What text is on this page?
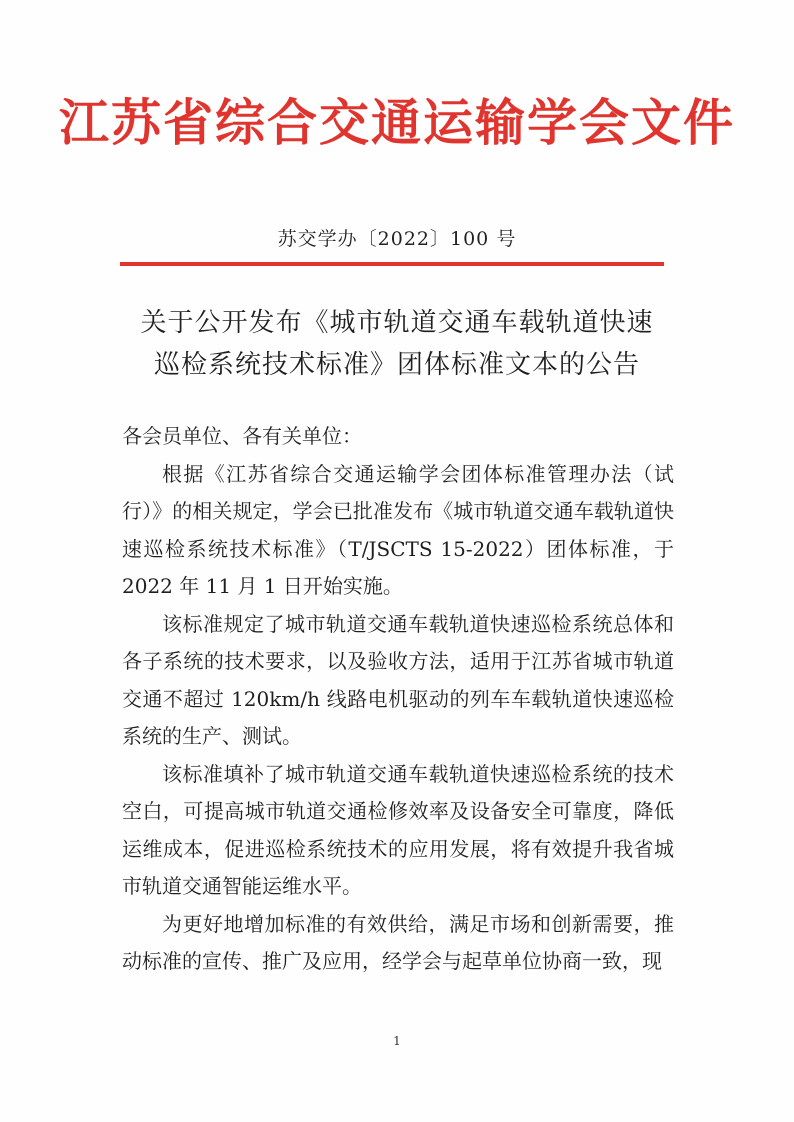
江苏省综合交通运输学会文件
苏交学办〔2022〕100 号
关于公开发布《城市轨道交通车载轨道快速
巡检系统技术标准》团体标准文本的公告

各会员单位、各有关单位：

根据《江苏省综合交通运输学会团体标准管理办法（试行）》的相关规定，学会已批准发布《城市轨道交通车载轨道快速巡检系统技术标准》（T/JSCTS 15-2022）团体标准，于 2022 年 11 月 1 日开始实施。

该标准规定了城市轨道交通车载轨道快速巡检系统总体和各子系统的技术要求，以及验收方法，适用于江苏省城市轨道交通不超过 120km/h 线路电机驱动的列车车载轨道快速巡检系统的生产、测试。

该标准填补了城市轨道交通车载轨道快速巡检系统的技术空白，可提高城市轨道交通检修效率及设备安全可靠度，降低运维成本，促进巡检系统技术的应用发展，将有效提升我省城市轨道交通智能运维水平。

为更好地增加标准的有效供给，满足市场和创新需要，推动标准的宣传、推广及应用，经学会与起草单位协商一致，现

1
